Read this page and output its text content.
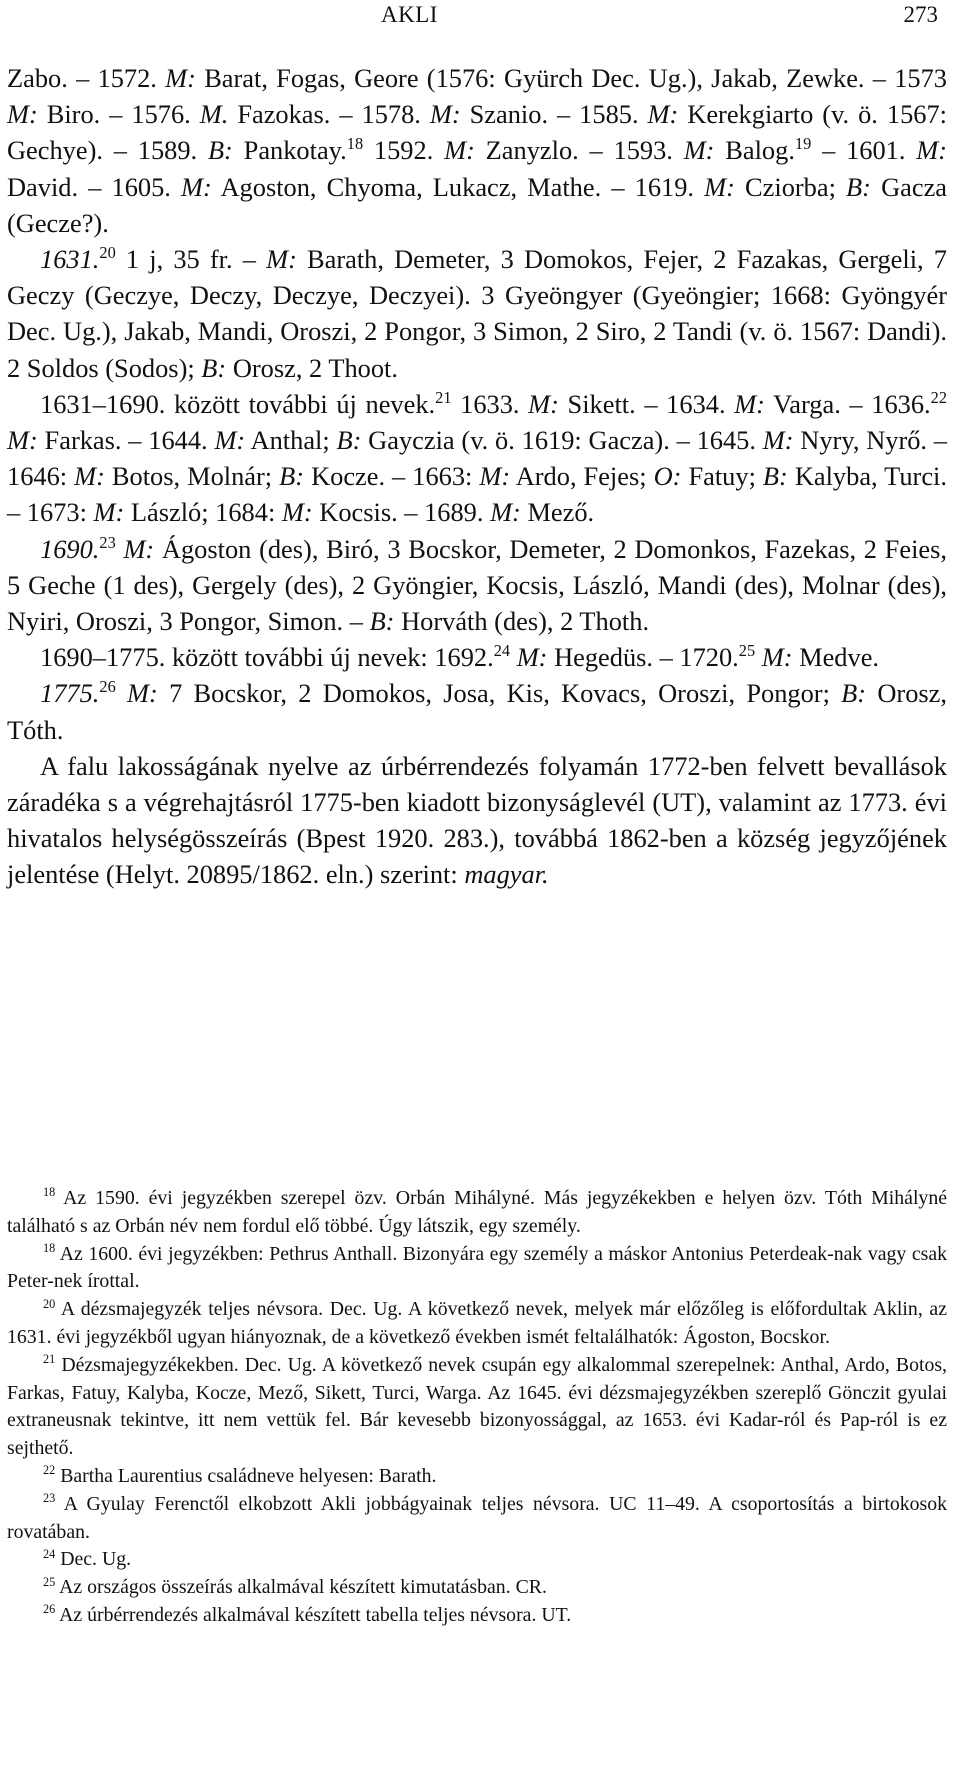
AKLI	273

Zabo. – 1572. M: Barat, Fogas, Geore (1576: Gyürch Dec. Ug.), Jakab, Zewke. – 1573 M: Biro. – 1576. M. Fazokas. – 1578. M: Szanio. – 1585. M: Kerekgiarto (v. ö. 1567: Gechye). – 1589. B: Pankotay.$^{18}$ 1592. M: Zanyzlo. – 1593. M: Balog.$^{19}$ – 1601. M: David. – 1605. M: Agoston, Chyoma, Lukacz, Mathe. – 1619. M: Cziorba; B: Gacza (Gecze?).

1631.20 1 j, 35 fr. – M: Barath, Demeter, 3 Domokos, Fejer, 2 Fazakas, Gergeli, 7 Geczy (Geczye, Deczy, Deczye, Deczyei). 3 Gyeöngyer (Gyeöngier; 1668: Gyöngyér Dec. Ug.), Jakab, Mandi, Oroszi, 2 Pongor, 3 Simon, 2 Siro, 2 Tandi (v. ö. 1567: Dandi). 2 Soldos (Sodos); B: Orosz, 2 Thoot.

1631–1690. között további új nevek.$^{21}$ 1633. M: Sikett. – 1634. M: Varga. – 1636.22 M: Farkas. – 1644. M: Anthal; B: Gayczia (v. ö. 1619: Gacza). – 1645. M: Nyry, Nyrő. – 1646: M: Botos, Molnár; B: Kocze. – 1663: M: Ardo, Fejes; O: Fatuy; B: Kalyba, Turci. – 1673: M: László; 1684: M: Kocsis. – 1689. M: Mező.

1690.23 M: Ágoston (des), Biró, 3 Bocskor, Demeter, 2 Domonkos, Fazekas, 2 Feies, 5 Geche (1 des), Gergely (des), 2 Gyöngier, Kocsis, László, Mandi (des), Molnar (des), Nyiri, Oroszi, 3 Pongor, Simon. – B: Horváth (des), 2 Thoth.

1690–1775. között további új nevek: 1692.24 M: Hegedüs. – 1720.25 M: Medve.

1775.26 M: 7 Bocskor, 2 Domokos, Josa, Kis, Kovacs, Oroszi, Pongor; B: Orosz, Tóth.

A falu lakosságának nyelve az úrbérrendezés folyamán 1772-ben felvett bevallások záradéka s a végrehajtásról 1775-ben kiadott bizonyságlevél (UT), valamint az 1773. évi hivatalos helységösszeírás (Bpest 1920. 283.), továbbá 1862-ben a község jegyzőjének jelentése (Helyt. 20895/1862. eln.) szerint: magyar.

$^{18}$ Az 1590. évi jegyzékben szerepel özv. Orbán Mihályné. Más jegyzékekben e helyen özv. Tóth Mihályné található s az Orbán név nem fordul elő többé. Úgy látszik, egy személy.

$^{18}$ Az 1600. évi jegyzékben: Pethrus Anthall. Bizonyára egy személy a máskor Antonius Peterdeak-nak vagy csak Peter-nek írottal.

$^{20}$ A dézsmajegyzék teljes névsora. Dec. Ug. A következő nevek, melyek már előzőleg is előfordultak Aklin, az 1631. évi jegyzékből ugyan hiányoznak, de a következő években ismét feltalálhatók: Ágoston, Bocskor.

$^{21}$ Dézsmajegyzékekben. Dec. Ug. A következő nevek csupán egy alkalommal szerepelnek: Anthal, Ardo, Botos, Farkas, Fatuy, Kalyba, Kocze, Mező, Sikett, Turci, Warga. Az 1645. évi dézsmajegyzékben szereplő Gönczit gyulai extraneusnak tekintve, itt nem vettük fel. Bár kevesebb bizonyossággal, az 1653. évi Kadar-ról és Pap-ról is ez sejthető.

$^{22}$ Bartha Laurentius családneve helyesen: Barath.

$^{23}$ A Gyulay Ferenctől elkobzott Akli jobbágyainak teljes névsora. UC 11–49. A csoportosítás a birtokosok rovatában.

$^{24}$ Dec. Ug.

$^{25}$ Az országos összeírás alkalmával készített kimutatásban. CR.

$^{26}$ Az úrbérrendezés alkalmával készített tabella teljes névsora. UT.
